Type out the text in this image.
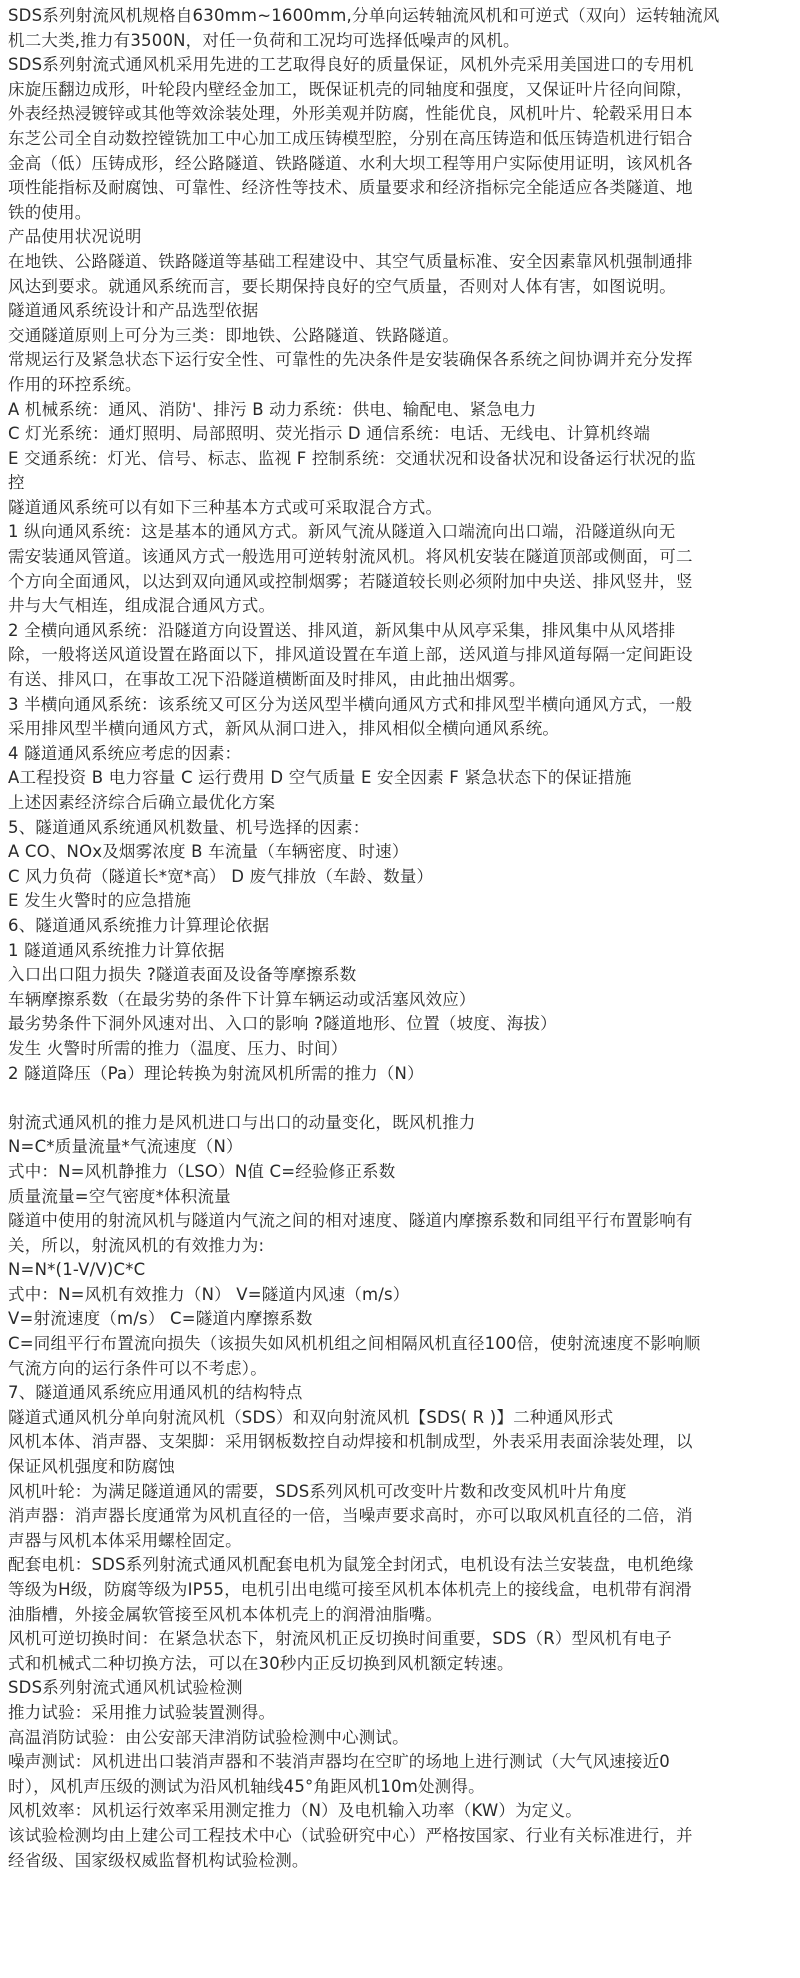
SDS系列射流风机规格自630mm~1600mm,分单向运转轴流风机和可逆式（双向）运转轴流风
机二大类,推力有3500N，对任一负荷和工况均可选择低噪声的风机。
SDS系列射流式通风机采用先进的工艺取得良好的质量保证，风机外壳采用美国进口的专用机
床旋压翻边成形，叶轮段内壁经金加工，既保证机壳的同轴度和强度，又保证叶片径向间隙，
外表经热浸镀锌或其他等效涂装处理，外形美观并防腐，性能优良，风机叶片、轮毂采用日本
东芝公司全自动数控镗铣加工中心加工成压铸模型腔，分别在高压铸造和低压铸造机进行铝合
金高（低）压铸成形，经公路隧道、铁路隧道、水利大坝工程等用户实际使用证明，该风机各
项性能指标及耐腐蚀、可靠性、经济性等技术、质量要求和经济指标完全能适应各类隧道、地
铁的使用。
产品使用状况说明
在地铁、公路隧道、铁路隧道等基础工程建设中、其空气质量标准、安全因素靠风机强制通排
风达到要求。就通风系统而言，要长期保持良好的空气质量，否则对人体有害，如图说明。
隧道通风系统设计和产品选型依据
交通隧道原则上可分为三类：即地铁、公路隧道、铁路隧道。
常规运行及紧急状态下运行安全性、可靠性的先决条件是安装确保各系统之间协调并充分发挥
作用的环控系统。
A 机械系统：通风、消防'、排污 B 动力系统：供电、输配电、紧急电力
C 灯光系统：通灯照明、局部照明、荧光指示 D 通信系统：电话、无线电、计算机终端
E 交通系统：灯光、信号、标志、监视 F 控制系统：交通状况和设备状况和设备运行状况的监
控
隧道通风系统可以有如下三种基本方式或可采取混合方式。
1 纵向通风系统：这是基本的通风方式。新风气流从隧道入口端流向出口端，沿隧道纵向无
需安装通风管道。该通风方式一般选用可逆转射流风机。将风机安装在隧道顶部或侧面，可二
个方向全面通风，以达到双向通风或控制烟雾；若隧道较长则必须附加中央送、排风竖井，竖
井与大气相连，组成混合通风方式。
2 全横向通风系统：沿隧道方向设置送、排风道，新风集中从风亭采集，排风集中从风塔排
除，一般将送风道设置在路面以下，排风道设置在车道上部，送风道与排风道每隔一定间距设
有送、排风口，在事故工况下沿隧道横断面及时排风，由此抽出烟雾。
3 半横向通风系统：该系统又可区分为送风型半横向通风方式和排风型半横向通风方式，一般
采用排风型半横向通风方式，新风从洞口进入，排风相似全横向通风系统。
4 隧道通风系统应考虑的因素：
A工程投资 B 电力容量 C 运行费用 D 空气质量 E 安全因素 F 紧急状态下的保证措施
上述因素经济综合后确立最优化方案
5、隧道通风系统通风机数量、机号选择的因素：
A CO、NOx及烟雾浓度 B 车流量（车辆密度、时速）
C 风力负荷（隧道长*宽*高） D 废气排放（车龄、数量）
E 发生火警时的应急措施
6、隧道通风系统推力计算理论依据
1 隧道通风系统推力计算依据
入口出口阻力损失 ?隧道表面及设备等摩擦系数
车辆摩擦系数（在最劣势的条件下计算车辆运动或活塞风效应）
最劣势条件下洞外风速对出、入口的影响 ?隧道地形、位置（坡度、海拔）
发生 火警时所需的推力（温度、压力、时间）
2 隧道降压（Pa）理论转换为射流风机所需的推力（N）
射流式通风机的推力是风机进口与出口的动量变化，既风机推力
N=C*质量流量*气流速度（N）
式中：N=风机静推力（LSO）N值 C=经验修正系数
质量流量=空气密度*体积流量
隧道中使用的射流风机与隧道内气流之间的相对速度、隧道内摩擦系数和同组平行布置影响有
关，所以，射流风机的有效推力为:
N=N*(1-V/V)C*C
式中：N=风机有效推力（N） V=隧道内风速（m/s）
V=射流速度（m/s） C=隧道内摩擦系数
C=同组平行布置流向损失（该损失如风机机组之间相隔风机直径100倍，使射流速度不影响顺
气流方向的运行条件可以不考虑）。
7、隧道通风系统应用通风机的结构特点
隧道式通风机分单向射流风机（SDS）和双向射流风机【SDS( R )】二种通风形式
风机本体、消声器、支架脚：采用钢板数控自动焊接和机制成型，外表采用表面涂装处理，以
保证风机强度和防腐蚀
风机叶轮：为满足隧道通风的需要，SDS系列风机可改变叶片数和改变风机叶片角度
消声器：消声器长度通常为风机直径的一倍，当噪声要求高时，亦可以取风机直径的二倍，消
声器与风机本体采用螺栓固定。
配套电机：SDS系列射流式通风机配套电机为鼠笼全封闭式，电机设有法兰安装盘，电机绝缘
等级为H级，防腐等级为IP55，电机引出电缆可接至风机本体机壳上的接线盒，电机带有润滑
油脂槽，外接金属软管接至风机本体机壳上的润滑油脂嘴。
风机可逆切换时间：在紧急状态下，射流风机正反切换时间重要，SDS（R）型风机有电子
式和机械式二种切换方法，可以在30秒内正反切换到风机额定转速。
SDS系列射流式通风机试验检测
推力试验：采用推力试验装置测得。
高温消防试验：由公安部天津消防试验检测中心测试。
噪声测试：风机进出口装消声器和不装消声器均在空旷的场地上进行测试（大气风速接近0
时），风机声压级的测试为沿风机轴线45°角距风机10m处测得。
风机效率：风机运行效率采用测定推力（N）及电机输入功率（KW）为定义。
该试验检测均由上建公司工程技术中心（试验研究中心）严格按国家、行业有关标准进行，并
经省级、国家级权威监督机构试验检测。
